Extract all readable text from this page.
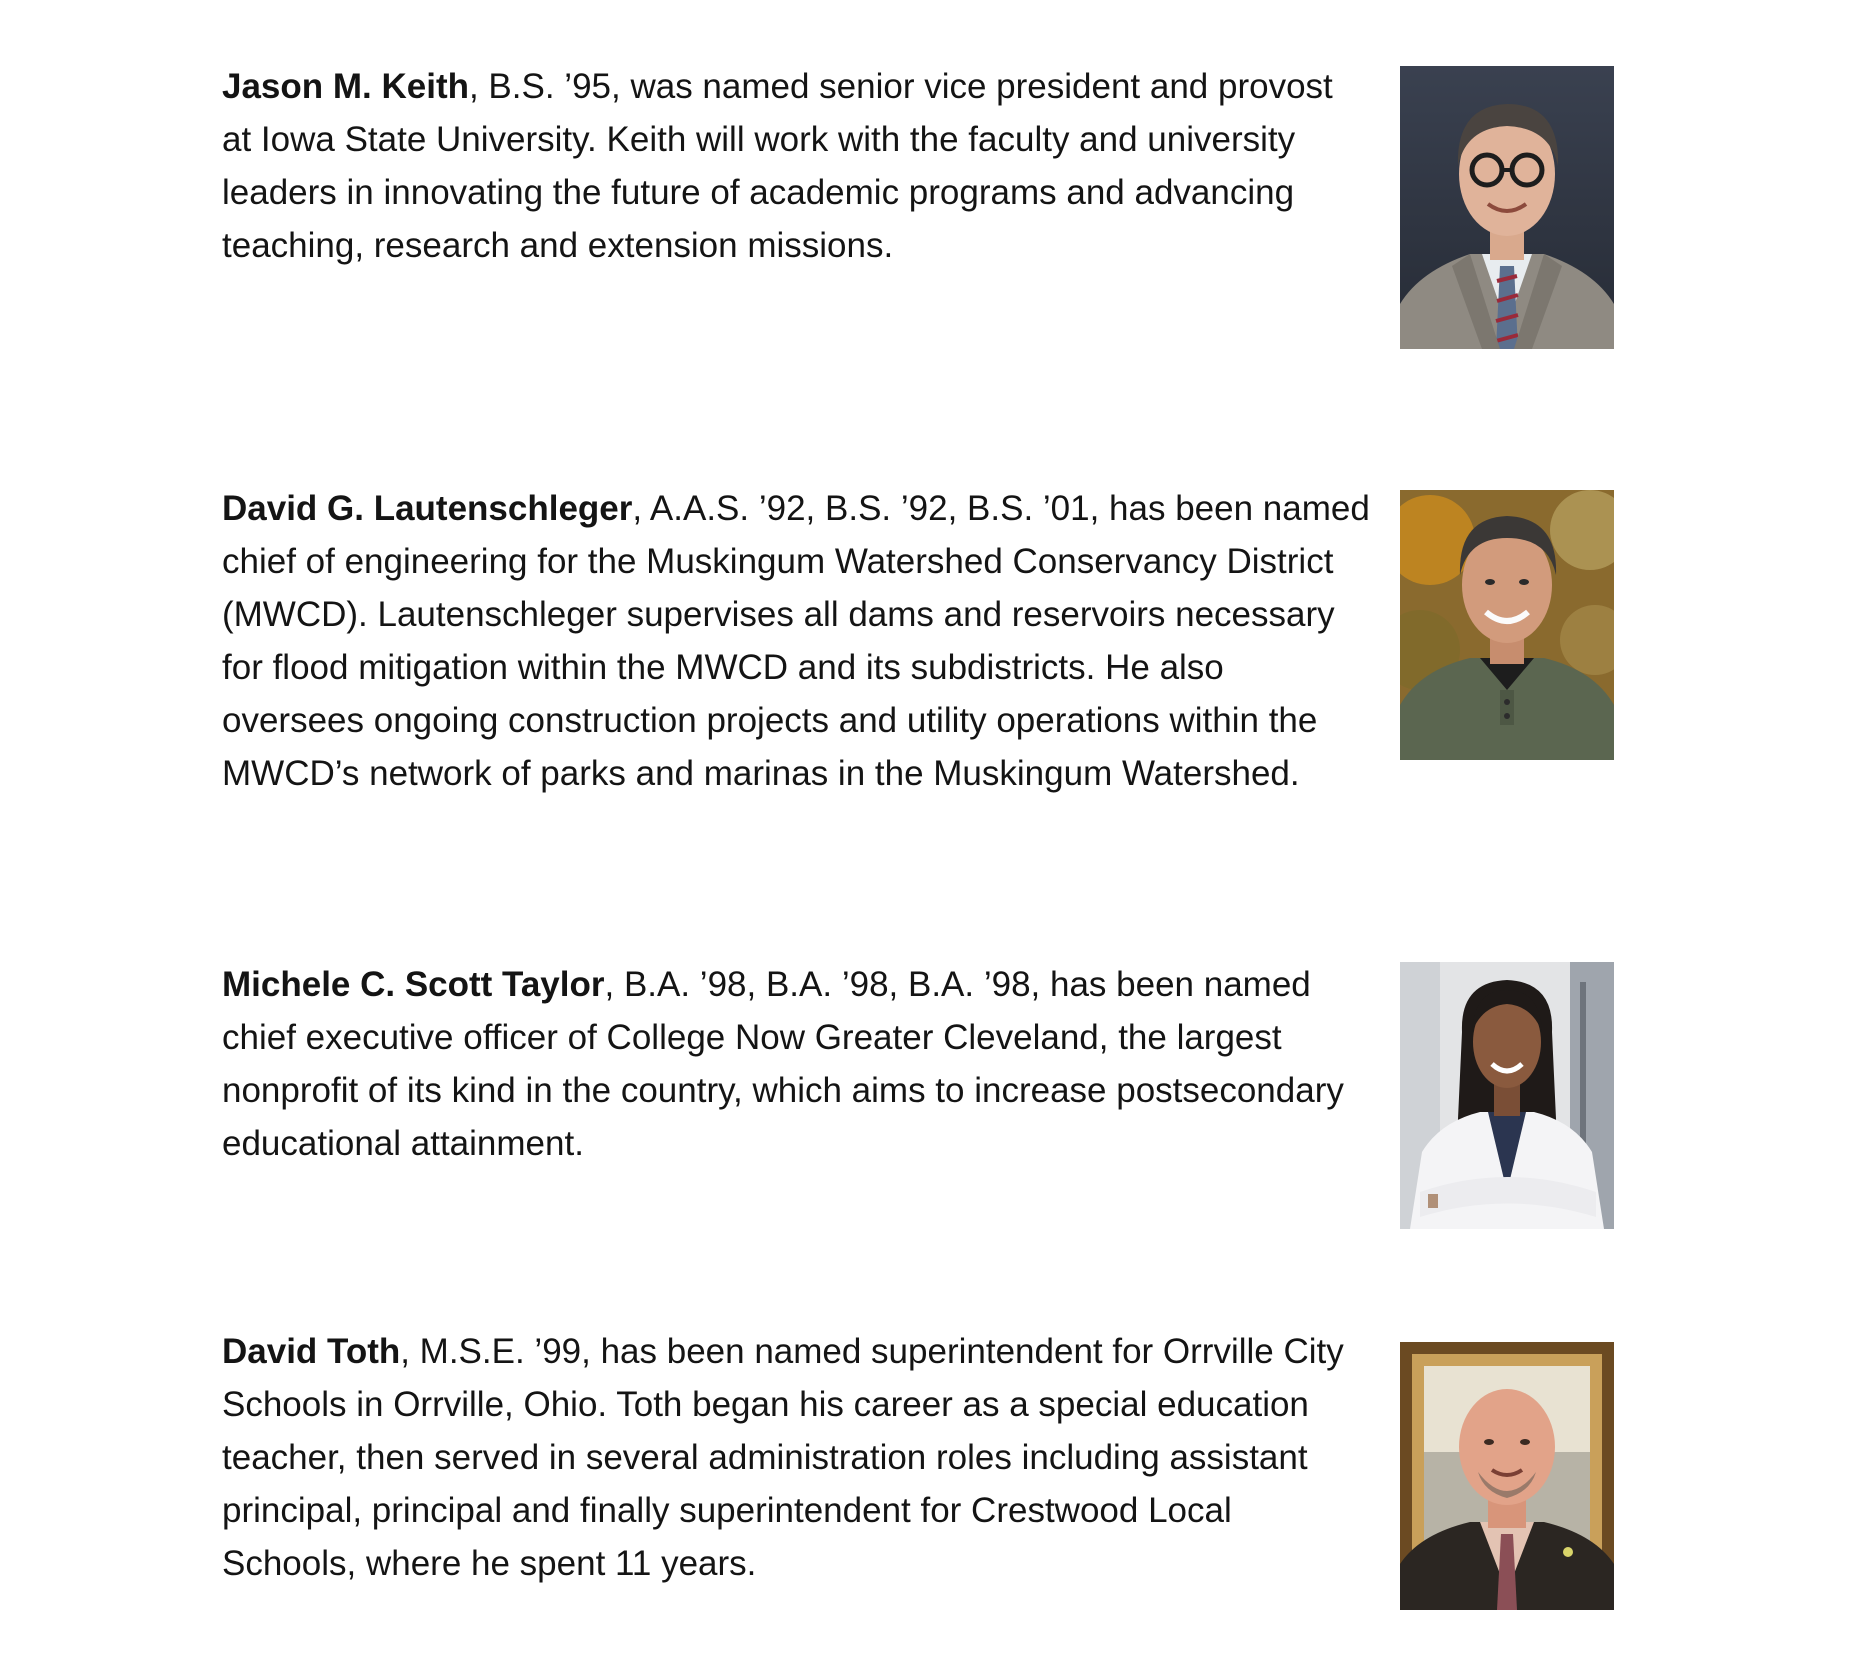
Jason M. Keith, B.S. ’95, was named senior vice president and provost at Iowa State University. Keith will work with the faculty and university leaders in innovating the future of academic programs and advancing teaching, research and extension missions.

David G. Lautenschleger, A.A.S. ’92, B.S. ’92, B.S. ’01, has been named chief of engineering for the Muskingum Watershed Conservancy District (MWCD). Lautenschleger supervises all dams and reservoirs necessary for flood mitigation within the MWCD and its subdistricts. He also oversees ongoing construction projects and utility operations within the MWCD’s network of parks and marinas in the Muskingum Watershed.

Michele C. Scott Taylor, B.A. ’98, B.A. ’98, B.A. ’98, has been named chief executive officer of College Now Greater Cleveland, the largest nonprofit of its kind in the country, which aims to increase postsecondary educational attainment.

David Toth, M.S.E. ’99, has been named superintendent for Orrville City Schools in Orrville, Ohio. Toth began his career as a special education teacher, then served in several administration roles including assistant principal, principal and finally superintendent for Crestwood Local Schools, where he spent 11 years.
